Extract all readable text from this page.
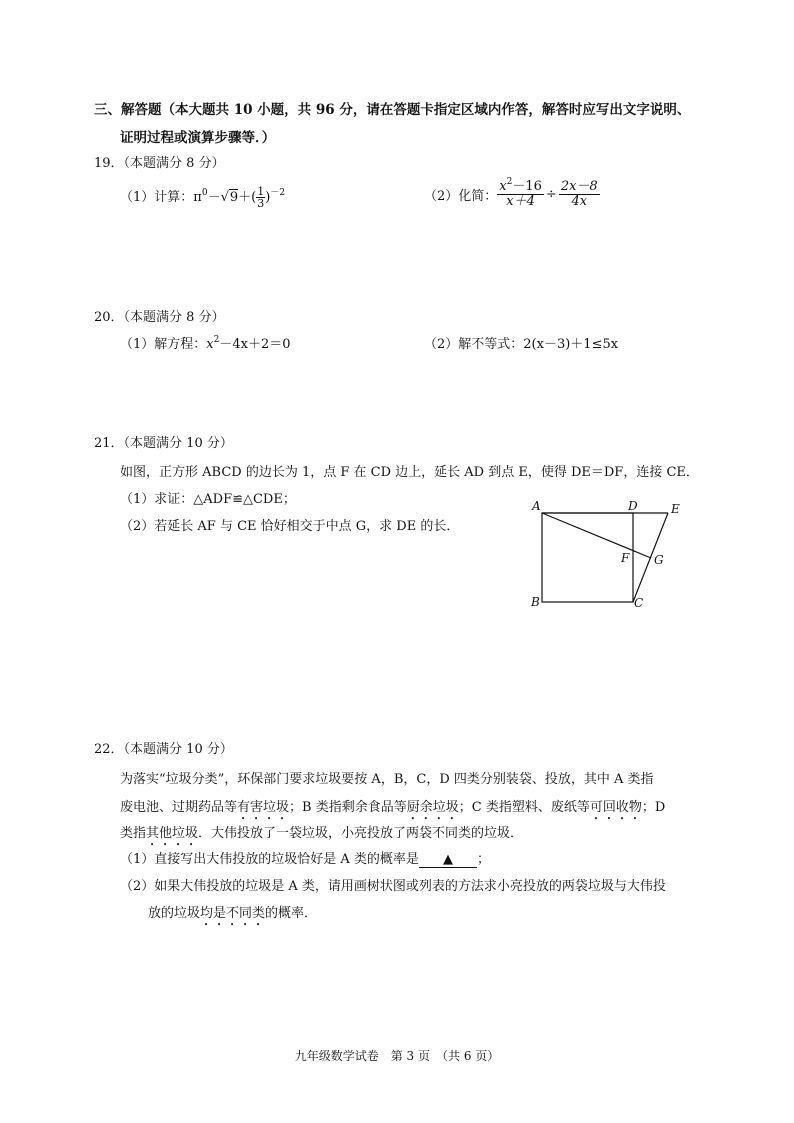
三、解答题（本大题共 10 小题，共 96 分，请在答题卡指定区域内作答，解答时应写出文字说明、
证明过程或演算步骤等．）
19．（本题满分 8 分）
（1）计算：$\pi^0-√9+( \frac{1}{3} )^{-2}$	（2）化简： $\frac{x^2-16}{x+4} \div \frac{2x-8}{4x}$
20．（本题满分 8 分）
（1）解方程：$x^2-4x+2=0$	（2）解不等式：2(x－3)＋1≤5x
21．（本题满分 10 分）
如图，正方形 ABCD 的边长为 1，点 F 在 CD 边上，延长 AD 到点 E，使得 DE＝DF，连接 CE．
（1）求证：△ADF≌△CDE；
（2）若延长 AF 与 CE 恰好相交于中点 G，求 DE 的长．
A	D	E
F G
B	C
22．（本题满分 10 分）
为落实“垃圾分类”，环保部门要求垃圾要按 A，B，C，D 四类分别装袋、投放，其中 A 类指
废电池、过期药品等有害垃圾；B 类指剩余食品等厨余垃圾；C 类指塑料、废纸等可回收物；D
类指其他垃圾．大伟投放了一袋垃圾，小亮投放了两袋不同类的垃圾．
（1）直接写出大伟投放的垃圾恰好是 A 类的概率是 ▲ ；
（2）如果大伟投放的垃圾是 A 类，请用画树状图或列表的方法求小亮投放的两袋垃圾与大伟投
放的垃圾均是不同类的概率．
九年级数学试卷　第 3 页　（共 6 页）
